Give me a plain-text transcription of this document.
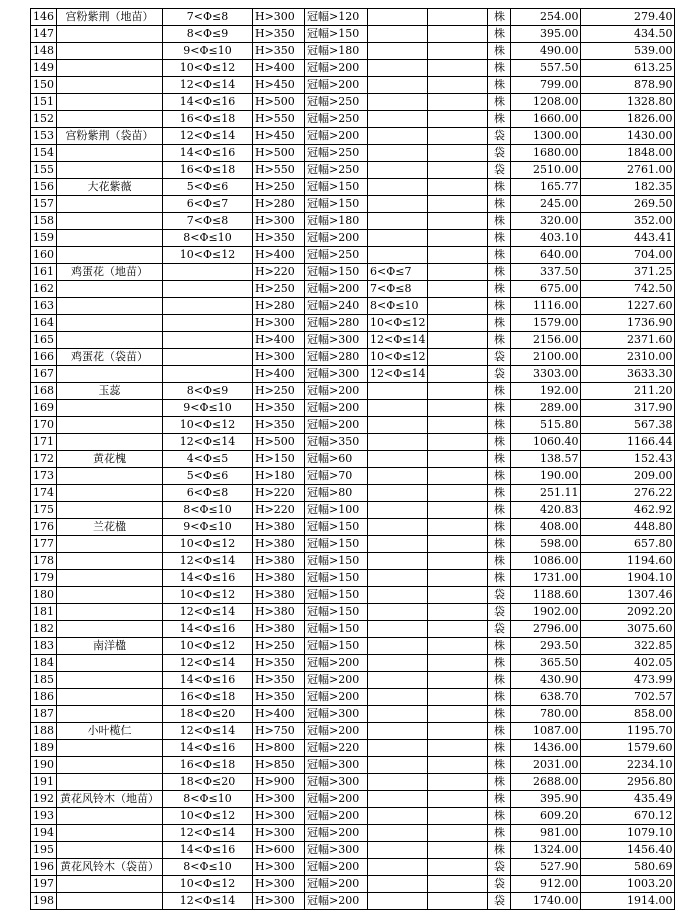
146	宫粉紫荆（地苗）	7<Φ≤8	H>300	冠幅>120			株	254.00	279.40
147		8<Φ≤9	H>350	冠幅>150			株	395.00	434.50
148		9<Φ≤10	H>350	冠幅>180			株	490.00	539.00
149		10<Φ≤12	H>400	冠幅>200			株	557.50	613.25
150		12<Φ≤14	H>450	冠幅>200			株	799.00	878.90
151		14<Φ≤16	H>500	冠幅>250			株	1208.00	1328.80
152		16<Φ≤18	H>550	冠幅>250			株	1660.00	1826.00
153	宫粉紫荆（袋苗）	12<Φ≤14	H>450	冠幅>200			袋	1300.00	1430.00
154		14<Φ≤16	H>500	冠幅>250			袋	1680.00	1848.00
155		16<Φ≤18	H>550	冠幅>250			袋	2510.00	2761.00
156	大花紫薇	5<Φ≤6	H>250	冠幅>150			株	165.77	182.35
157		6<Φ≤7	H>280	冠幅>150			株	245.00	269.50
158		7<Φ≤8	H>300	冠幅>180			株	320.00	352.00
159		8<Φ≤10	H>350	冠幅>200			株	403.10	443.41
160		10<Φ≤12	H>400	冠幅>250			株	640.00	704.00
161	鸡蛋花（地苗）		H>220	冠幅>150	6<Φ≤7		株	337.50	371.25
162			H>250	冠幅>200	7<Φ≤8		株	675.00	742.50
163			H>280	冠幅>240	8<Φ≤10		株	1116.00	1227.60
164			H>300	冠幅>280	10<Φ≤12		株	1579.00	1736.90
165			H>400	冠幅>300	12<Φ≤14		株	2156.00	2371.60
166	鸡蛋花（袋苗）		H>300	冠幅>280	10<Φ≤12		袋	2100.00	2310.00
167			H>400	冠幅>300	12<Φ≤14		袋	3303.00	3633.30
168	玉蕊	8<Φ≤9	H>250	冠幅>200			株	192.00	211.20
169		9<Φ≤10	H>350	冠幅>200			株	289.00	317.90
170		10<Φ≤12	H>350	冠幅>200			株	515.80	567.38
171		12<Φ≤14	H>500	冠幅>350			株	1060.40	1166.44
172	黄花槐	4<Φ≤5	H>150	冠幅>60			株	138.57	152.43
173		5<Φ≤6	H>180	冠幅>70			株	190.00	209.00
174		6<Φ≤8	H>220	冠幅>80			株	251.11	276.22
175		8<Φ≤10	H>220	冠幅>100			株	420.83	462.92
176	兰花楹	9<Φ≤10	H>380	冠幅>150			株	408.00	448.80
177		10<Φ≤12	H>380	冠幅>150			株	598.00	657.80
178		12<Φ≤14	H>380	冠幅>150			株	1086.00	1194.60
179		14<Φ≤16	H>380	冠幅>150			株	1731.00	1904.10
180		10<Φ≤12	H>380	冠幅>150			袋	1188.60	1307.46
181		12<Φ≤14	H>380	冠幅>150			袋	1902.00	2092.20
182		14<Φ≤16	H>380	冠幅>150			袋	2796.00	3075.60
183	南洋楹	10<Φ≤12	H>250	冠幅>150			株	293.50	322.85
184		12<Φ≤14	H>350	冠幅>200			株	365.50	402.05
185		14<Φ≤16	H>350	冠幅>200			株	430.90	473.99
186		16<Φ≤18	H>350	冠幅>200			株	638.70	702.57
187		18<Φ≤20	H>400	冠幅>300			株	780.00	858.00
188	小叶榄仁	12<Φ≤14	H>750	冠幅>200			株	1087.00	1195.70
189		14<Φ≤16	H>800	冠幅>220			株	1436.00	1579.60
190		16<Φ≤18	H>850	冠幅>300			株	2031.00	2234.10
191		18<Φ≤20	H>900	冠幅>300			株	2688.00	2956.80
192	黄花风铃木（地苗）	8<Φ≤10	H>300	冠幅>200			株	395.90	435.49
193		10<Φ≤12	H>300	冠幅>200			株	609.20	670.12
194		12<Φ≤14	H>300	冠幅>200			株	981.00	1079.10
195		14<Φ≤16	H>600	冠幅>300			株	1324.00	1456.40
196	黄花风铃木（袋苗）	8<Φ≤10	H>300	冠幅>200			袋	527.90	580.69
197		10<Φ≤12	H>300	冠幅>200			袋	912.00	1003.20
198		12<Φ≤14	H>300	冠幅>200			袋	1740.00	1914.00
